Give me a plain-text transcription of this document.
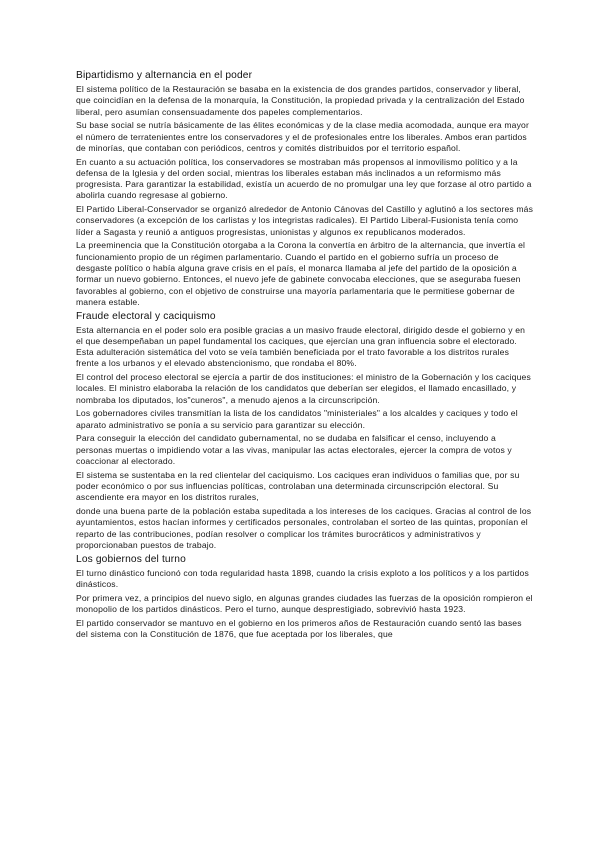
Bipartidismo y alternancia en el poder

El sistema político de la Restauración se basaba en la existencia de dos grandes partidos, conservador y liberal, que coincidían en la defensa de la monarquía, la Constitución, la propiedad privada y la centralización del Estado liberal, pero asumían consensuadamente dos papeles complementarios.

Su base social se nutría básicamente de las élites económicas y de la clase media acomodada, aunque era mayor el número de terratenientes entre los conservadores y el de profesionales entre los liberales. Ambos eran partidos de minorías, que contaban con periódicos, centros y comités distribuidos por el territorio español.

En cuanto a su actuación política, los conservadores se mostraban más propensos al inmovilismo político y a la defensa de la Iglesia y del orden social, mientras los liberales estaban más inclinados a un reformismo más progresista. Para garantizar la estabilidad, existía un acuerdo de no promulgar una ley que forzase al otro partido a abolirla cuando regresase al gobierno.

El Partido Liberal-Conservador se organizó alrededor de Antonio Cánovas del Castillo y aglutinó a los sectores más conservadores (a excepción de los carlistas y los integristas radicales). El Partido Liberal-Fusionista tenía como líder a Sagasta y reunió a antiguos progresistas, unionistas y algunos ex republicanos moderados.

La preeminencia que la Constitución otorgaba a la Corona la convertía en árbitro de la alternancia, que invertía el funcionamiento propio de un régimen parlamentario. Cuando el partido en el gobierno sufría un proceso de desgaste político o había alguna grave crisis en el país, el monarca llamaba al jefe del partido de la oposición a formar un nuevo gobierno. Entonces, el nuevo jefe de gabinete convocaba elecciones, que se aseguraba fuesen favorables al gobierno, con el objetivo de construirse una mayoría parlamentaria que le permitiese gobernar de manera estable.

Fraude electoral y caciquismo

Esta alternancia en el poder solo era posible gracias a un masivo fraude electoral, dirigido desde el gobierno y en el que desempeñaban un papel fundamental los caciques, que ejercían una gran influencia sobre el electorado. Esta adulteración sistemática del voto se veía también beneficiada por el trato favorable a los distritos rurales frente a los urbanos y el elevado abstencionismo, que rondaba el 80%.

El control del proceso electoral se ejercía a partir de dos instituciones: el ministro de la Gobernación y los caciques locales. El ministro elaboraba la relación de los candidatos que deberían ser elegidos, el llamado encasillado, y nombraba los diputados, los"cuneros", a menudo ajenos a la circunscripción.

Los gobernadores civiles transmitían la lista de los candidatos "ministeriales" a los alcaldes y caciques y todo el aparato administrativo se ponía a su servicio para garantizar su elección.

Para conseguir la elección del candidato gubernamental, no se dudaba en falsificar el censo, incluyendo a personas muertas o impidiendo votar a las vivas, manipular las actas electorales, ejercer la compra de votos y coaccionar al electorado.

El sistema se sustentaba en la red clientelar del caciquismo. Los caciques eran individuos o familias que, por su poder económico o por sus influencias políticas, controlaban una determinada circunscripción electoral. Su ascendiente era mayor en los distritos rurales,

donde una buena parte de la población estaba supeditada a los intereses de los caciques. Gracias al control de los ayuntamientos, estos hacían informes y certificados personales, controlaban el sorteo de las quintas, proponían el reparto de las contribuciones, podían resolver o complicar los trámites burocráticos y administrativos y proporcionaban puestos de trabajo.

Los gobiernos del turno

El turno dinástico funcionó con toda regularidad hasta 1898, cuando la crisis exploto a los políticos y a los partidos dinásticos.

Por primera vez, a principios del nuevo siglo, en algunas grandes ciudades las fuerzas de la oposición rompieron el monopolio de los partidos dinásticos. Pero el turno, aunque desprestigiado, sobrevivió hasta 1923.

El partido conservador se mantuvo en el gobierno en los primeros años de Restauración cuando sentó las bases del sistema con la Constitución de 1876, que fue aceptada por los liberales, que
